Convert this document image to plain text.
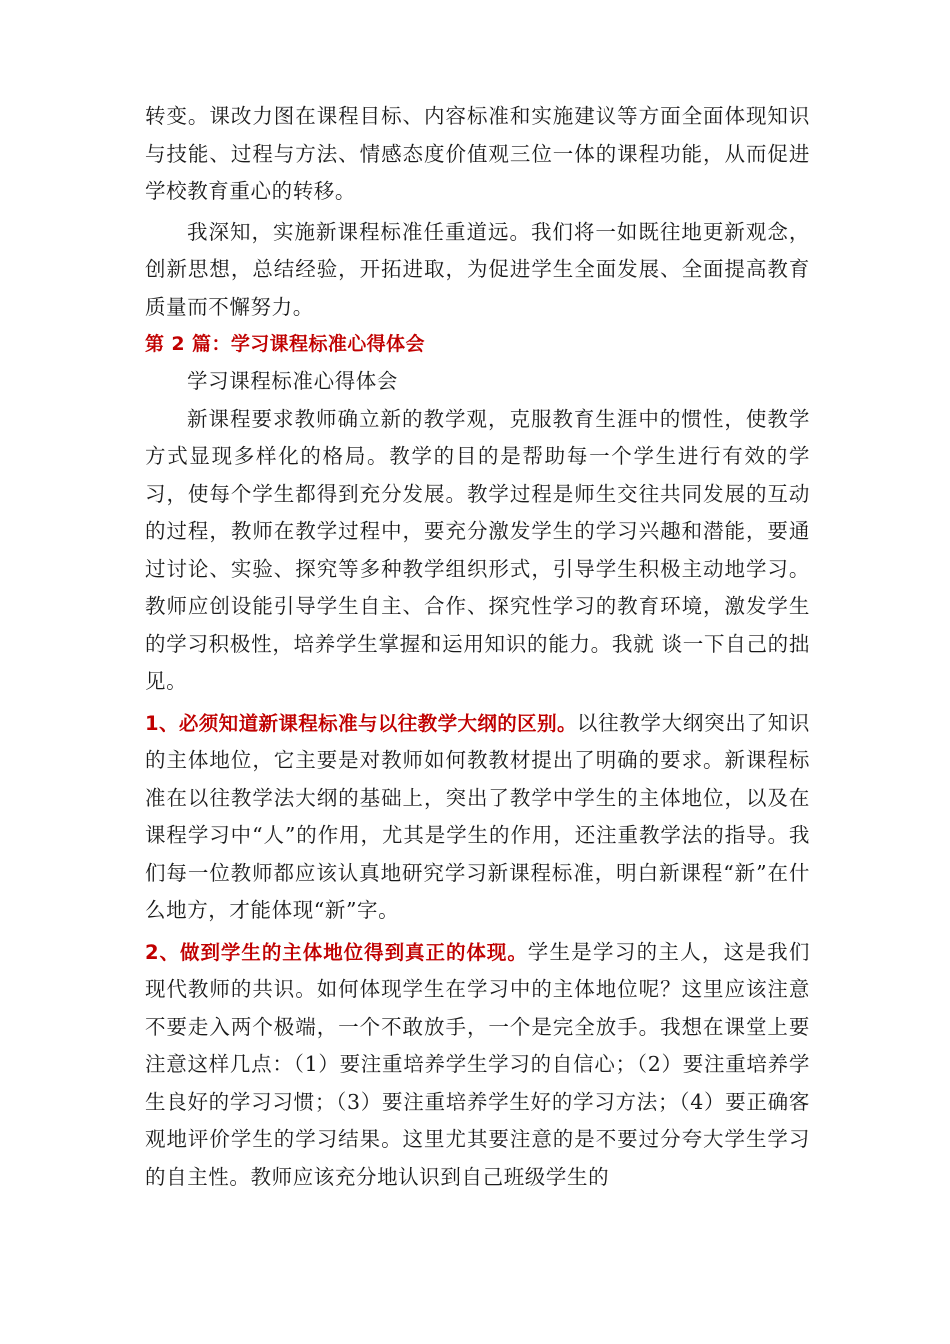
转变。课改力图在课程目标、内容标准和实施建议等方面全面体现知识与技能、过程与方法、情感态度价值观三位一体的课程功能，从而促进学校教育重心的转移。

我深知，实施新课程标准任重道远。我们将一如既往地更新观念，创新思想，总结经验，开拓进取，为促进学生全面发展、全面提高教育质量而不懈努力。

第 2 篇：学习课程标准心得体会

学习课程标准心得体会

新课程要求教师确立新的教学观，克服教育生涯中的惯性，使教学方式显现多样化的格局。教学的目的是帮助每一个学生进行有效的学习，使每个学生都得到充分发展。教学过程是师生交往共同发展的互动的过程，教师在教学过程中，要充分激发学生的学习兴趣和潜能，要通过讨论、实验、探究等多种教学组织形式，引导学生积极主动地学习。教师应创设能引导学生自主、合作、探究性学习的教育环境，激发学生的学习积极性，培养学生掌握和运用知识的能力。我就 谈一下自己的拙见。

1、必须知道新课程标准与以往教学大纲的区别。以往教学大纲突出了知识的主体地位，它主要是对教师如何教教材提出了明确的要求。新课程标准在以往教学法大纲的基础上，突出了教学中学生的主体地位，以及在课程学习中“人”的作用，尤其是学生的作用，还注重教学法的指导。我们每一位教师都应该认真地研究学习新课程标准，明白新课程“新”在什么地方，才能体现“新”字。

2、做到学生的主体地位得到真正的体现。学生是学习的主人，这是我们现代教师的共识。如何体现学生在学习中的主体地位呢？这里应该注意不要走入两个极端，一个不敢放手，一个是完全放手。我想在课堂上要注意这样几点：（1）要注重培养学生学习的自信心；（2）要注重培养学生良好的学习习惯；（3）要注重培养学生好的学习方法；（4）要正确客观地评价学生的学习结果。这里尤其要注意的是不要过分夸大学生学习的自主性。教师应该充分地认识到自己班级学生的
